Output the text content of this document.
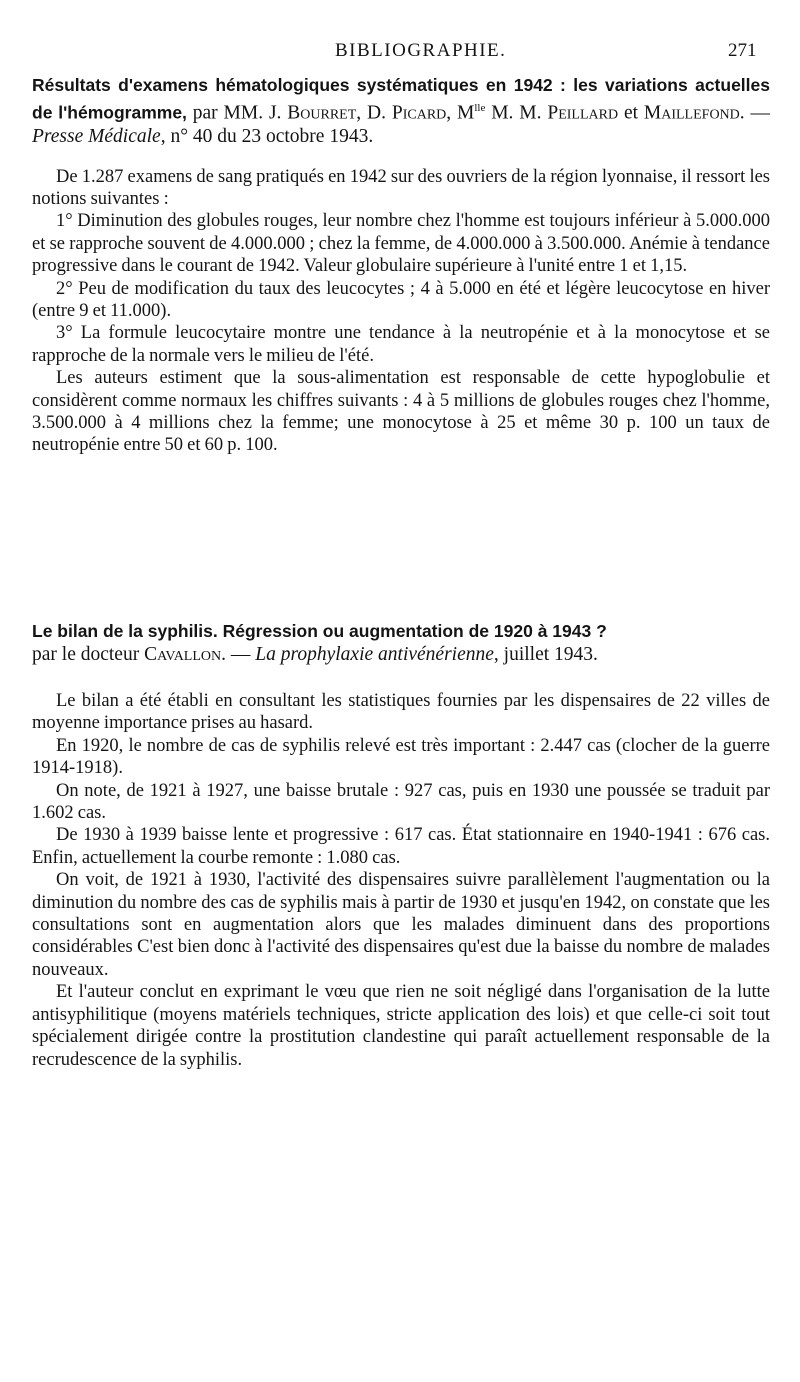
BIBLIOGRAPHIE.	271
Résultats d'examens hématologiques systématiques en 1942 : les variations actuelles de l'hémogramme, par MM. J. Bourret, D. Picard, $M^{lle}$ M. M. Peillard et Maillefond. — Presse Médicale, n° 40 du 23 octobre 1943.

De 1.287 examens de sang pratiqués en 1942 sur des ouvriers de la région lyonnaise, il ressort les notions suivantes :

1° Diminution des globules rouges, leur nombre chez l'homme est toujours inférieur à 5.000.000 et se rapproche souvent de 4.000.000 ; chez la femme, de 4.000.000 à 3.500.000. Anémie à tendance progressive dans le courant de 1942. Valeur globulaire supérieure à l'unité entre 1 et 1,15.

2° Peu de modification du taux des leucocytes ; 4 à 5.000 en été et légère leucocytose en hiver (entre 9 et 11.000).

3° La formule leucocytaire montre une tendance à la neutropénie et à la monocytose et se rapproche de la normale vers le milieu de l'été.

Les auteurs estiment que la sous-alimentation est responsable de cette hypoglobulie et considèrent comme normaux les chiffres suivants : 4 à 5 millions de globules rouges chez l'homme, 3.500.000 à 4 millions chez la femme; une monocytose à 25 et même 30 p. 100 un taux de neutropénie entre 50 et 60 p. 100.

Le bilan de la syphilis. Régression ou augmentation de 1920 à 1943 ?
par le docteur Cavallon. — La prophylaxie antivénérienne, juillet 1943.

Le bilan a été établi en consultant les statistiques fournies par les dispensaires de 22 villes de moyenne importance prises au hasard.

En 1920, le nombre de cas de syphilis relevé est très important : 2.447 cas (clocher de la guerre 1914-1918).

On note, de 1921 à 1927, une baisse brutale : 927 cas, puis en 1930 une poussée se traduit par 1.602 cas.

De 1930 à 1939 baisse lente et progressive : 617 cas. État stationnaire en 1940-1941 : 676 cas. Enfin, actuellement la courbe remonte : 1.080 cas.

On voit, de 1921 à 1930, l'activité des dispensaires suivre parallèlement l'augmentation ou la diminution du nombre des cas de syphilis mais à partir de 1930 et jusqu'en 1942, on constate que les consultations sont en augmentation alors que les malades diminuent dans des proportions considérables C'est bien donc à l'activité des dispensaires qu'est due la baisse du nombre de malades nouveaux.

Et l'auteur conclut en exprimant le vœu que rien ne soit négligé dans l'organisation de la lutte antisyphilitique (moyens matériels techniques, stricte application des lois) et que celle-ci soit tout spécialement dirigée contre la prostitution clandestine qui paraît actuellement responsable de la recrudescence de la syphilis.
